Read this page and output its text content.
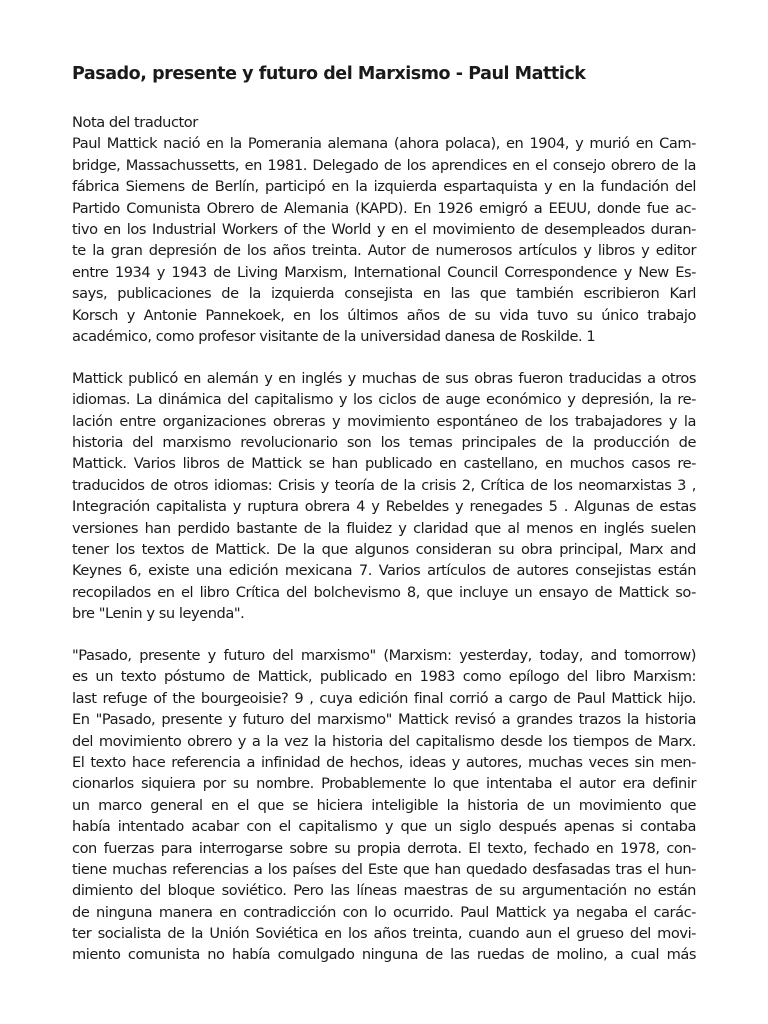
Pasado, presente y futuro del Marxismo - Paul Mattick
Nota del traductor
Paul Mattick nació en la Pomerania alemana (ahora polaca), en 1904, y murió en Cam-
bridge, Massachussetts, en 1981. Delegado de los aprendices en el consejo obrero de la
fábrica Siemens de Berlín, participó en la izquierda espartaquista y en la fundación del
Partido Comunista Obrero de Alemania (KAPD). En 1926 emigró a EEUU, donde fue ac-
tivo en los Industrial Workers of the World y en el movimiento de desempleados duran-
te la gran depresión de los años treinta. Autor de numerosos artículos y libros y editor
entre 1934 y 1943 de Living Marxism, International Council Correspondence y New Es-
says, publicaciones de la izquierda consejista en las que también escribieron Karl
Korsch y Antonie Pannekoek, en los últimos años de su vida tuvo su único trabajo
académico, como profesor visitante de la universidad danesa de Roskilde. 1
Mattick publicó en alemán y en inglés y muchas de sus obras fueron traducidas a otros
idiomas. La dinámica del capitalismo y los ciclos de auge económico y depresión, la re-
lación entre organizaciones obreras y movimiento espontáneo de los trabajadores y la
historia del marxismo revolucionario son los temas principales de la producción de
Mattick. Varios libros de Mattick se han publicado en castellano, en muchos casos re-
traducidos de otros idiomas: Crisis y teoría de la crisis 2, Crítica de los neomarxistas 3 ,
Integración capitalista y ruptura obrera 4 y Rebeldes y renegades 5 . Algunas de estas
versiones han perdido bastante de la fluidez y claridad que al menos en inglés suelen
tener los textos de Mattick. De la que algunos consideran su obra principal, Marx and
Keynes 6, existe una edición mexicana 7. Varios artículos de autores consejistas están
recopilados en el libro Crítica del bolchevismo 8, que incluye un ensayo de Mattick so-
bre "Lenin y su leyenda".
"Pasado, presente y futuro del marxismo" (Marxism: yesterday, today, and tomorrow)
es un texto póstumo de Mattick, publicado en 1983 como epílogo del libro Marxism:
last refuge of the bourgeoisie? 9 , cuya edición final corrió a cargo de Paul Mattick hijo.
En "Pasado, presente y futuro del marxismo" Mattick revisó a grandes trazos la historia
del movimiento obrero y a la vez la historia del capitalismo desde los tiempos de Marx.
El texto hace referencia a infinidad de hechos, ideas y autores, muchas veces sin men-
cionarlos siquiera por su nombre. Probablemente lo que intentaba el autor era definir
un marco general en el que se hiciera inteligible la historia de un movimiento que
había intentado acabar con el capitalismo y que un siglo después apenas si contaba
con fuerzas para interrogarse sobre su propia derrota. El texto, fechado en 1978, con-
tiene muchas referencias a los países del Este que han quedado desfasadas tras el hun-
dimiento del bloque soviético. Pero las líneas maestras de su argumentación no están
de ninguna manera en contradicción con lo ocurrido. Paul Mattick ya negaba el carác-
ter socialista de la Unión Soviética en los años treinta, cuando aun el grueso del movi-
miento comunista no había comulgado ninguna de las ruedas de molino, a cual más
